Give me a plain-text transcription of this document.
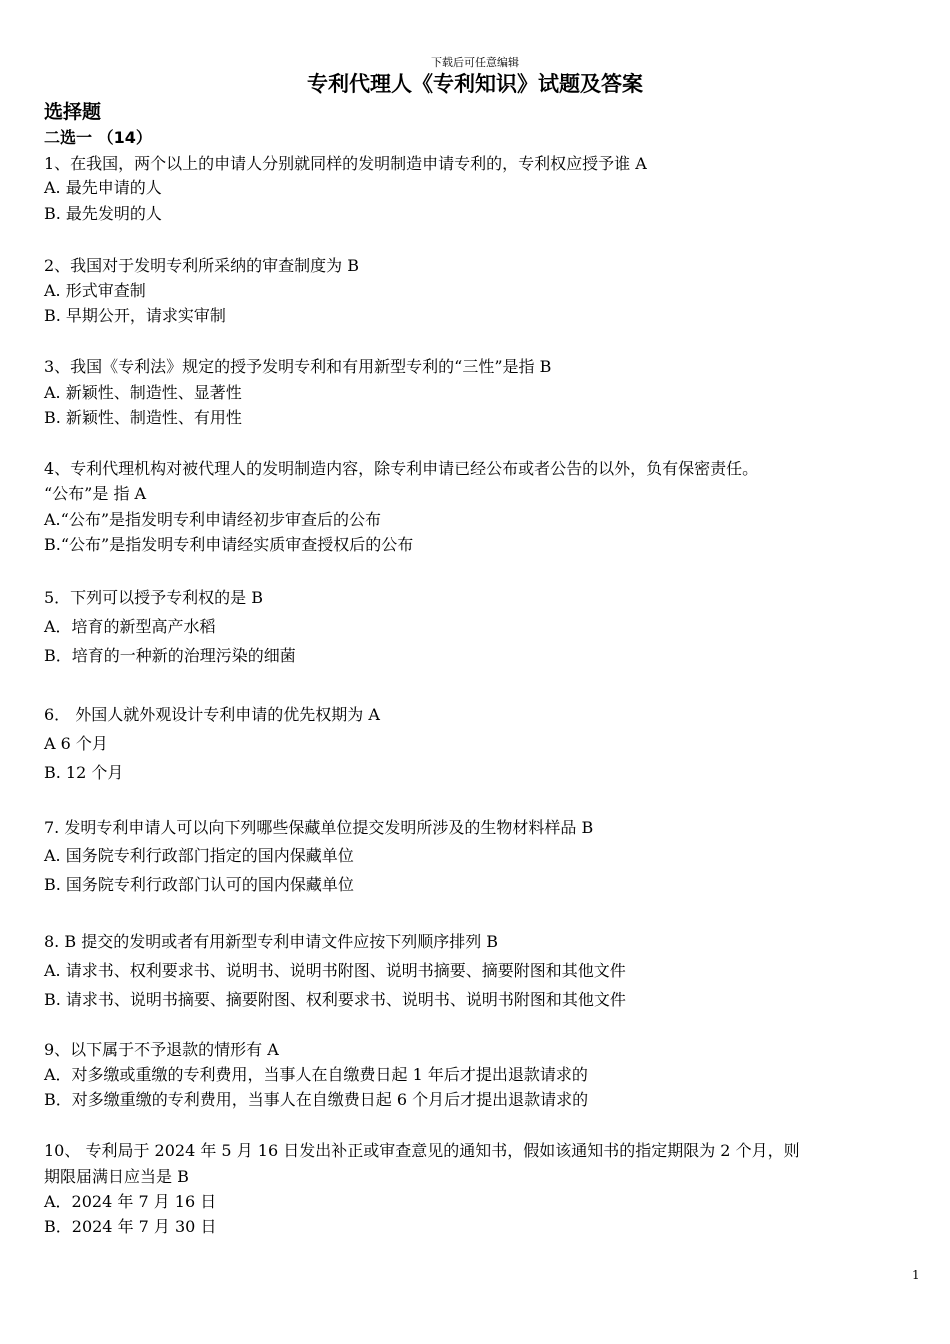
下载后可任意编辑
专利代理人《专利知识》试题及答案
选择题
二选一 （14）
1、在我国，两个以上的申请人分别就同样的发明制造申请专利的，专利权应授予谁 A
A. 最先申请的人
B. 最先发明的人
2、我国对于发明专利所采纳的审查制度为 B
A. 形式审查制
B. 早期公开，请求实审制
3、我国《专利法》规定的授予发明专利和有用新型专利的“三性”是指 B
A. 新颖性、制造性、显著性
B. 新颖性、制造性、有用性
4、专利代理机构对被代理人的发明制造内容，除专利申请已经公布或者公告的以外，负有保密责任。
“公布”是 指 A
A.“公布”是指发明专利申请经初步审查后的公布
B.“公布”是指发明专利申请经实质审查授权后的公布
5．下列可以授予专利权的是 B
A．培育的新型高产水稻
B．培育的一种新的治理污染的细菌
6． 外国人就外观设计专利申请的优先权期为 A
A 6 个月
B. 12 个月
7. 发明专利申请人可以向下列哪些保藏单位提交发明所涉及的生物材料样品 B
A. 国务院专利行政部门指定的国内保藏单位
B. 国务院专利行政部门认可的国内保藏单位
8. B 提交的发明或者有用新型专利申请文件应按下列顺序排列 B
A. 请求书、权利要求书、说明书、说明书附图、说明书摘要、摘要附图和其他文件
B. 请求书、说明书摘要、摘要附图、权利要求书、说明书、说明书附图和其他文件
9、以下属于不予退款的情形有 A
A．对多缴或重缴的专利费用，当事人在自缴费日起 1 年后才提出退款请求的
B．对多缴重缴的专利费用，当事人在自缴费日起 6 个月后才提出退款请求的
10、 专利局于 2024 年 5 月 16 日发出补正或审查意见的通知书，假如该通知书的指定期限为 2 个月，则
期限届满日应当是 B
A．2024 年 7 月 16 日
B．2024 年 7 月 30 日
1
